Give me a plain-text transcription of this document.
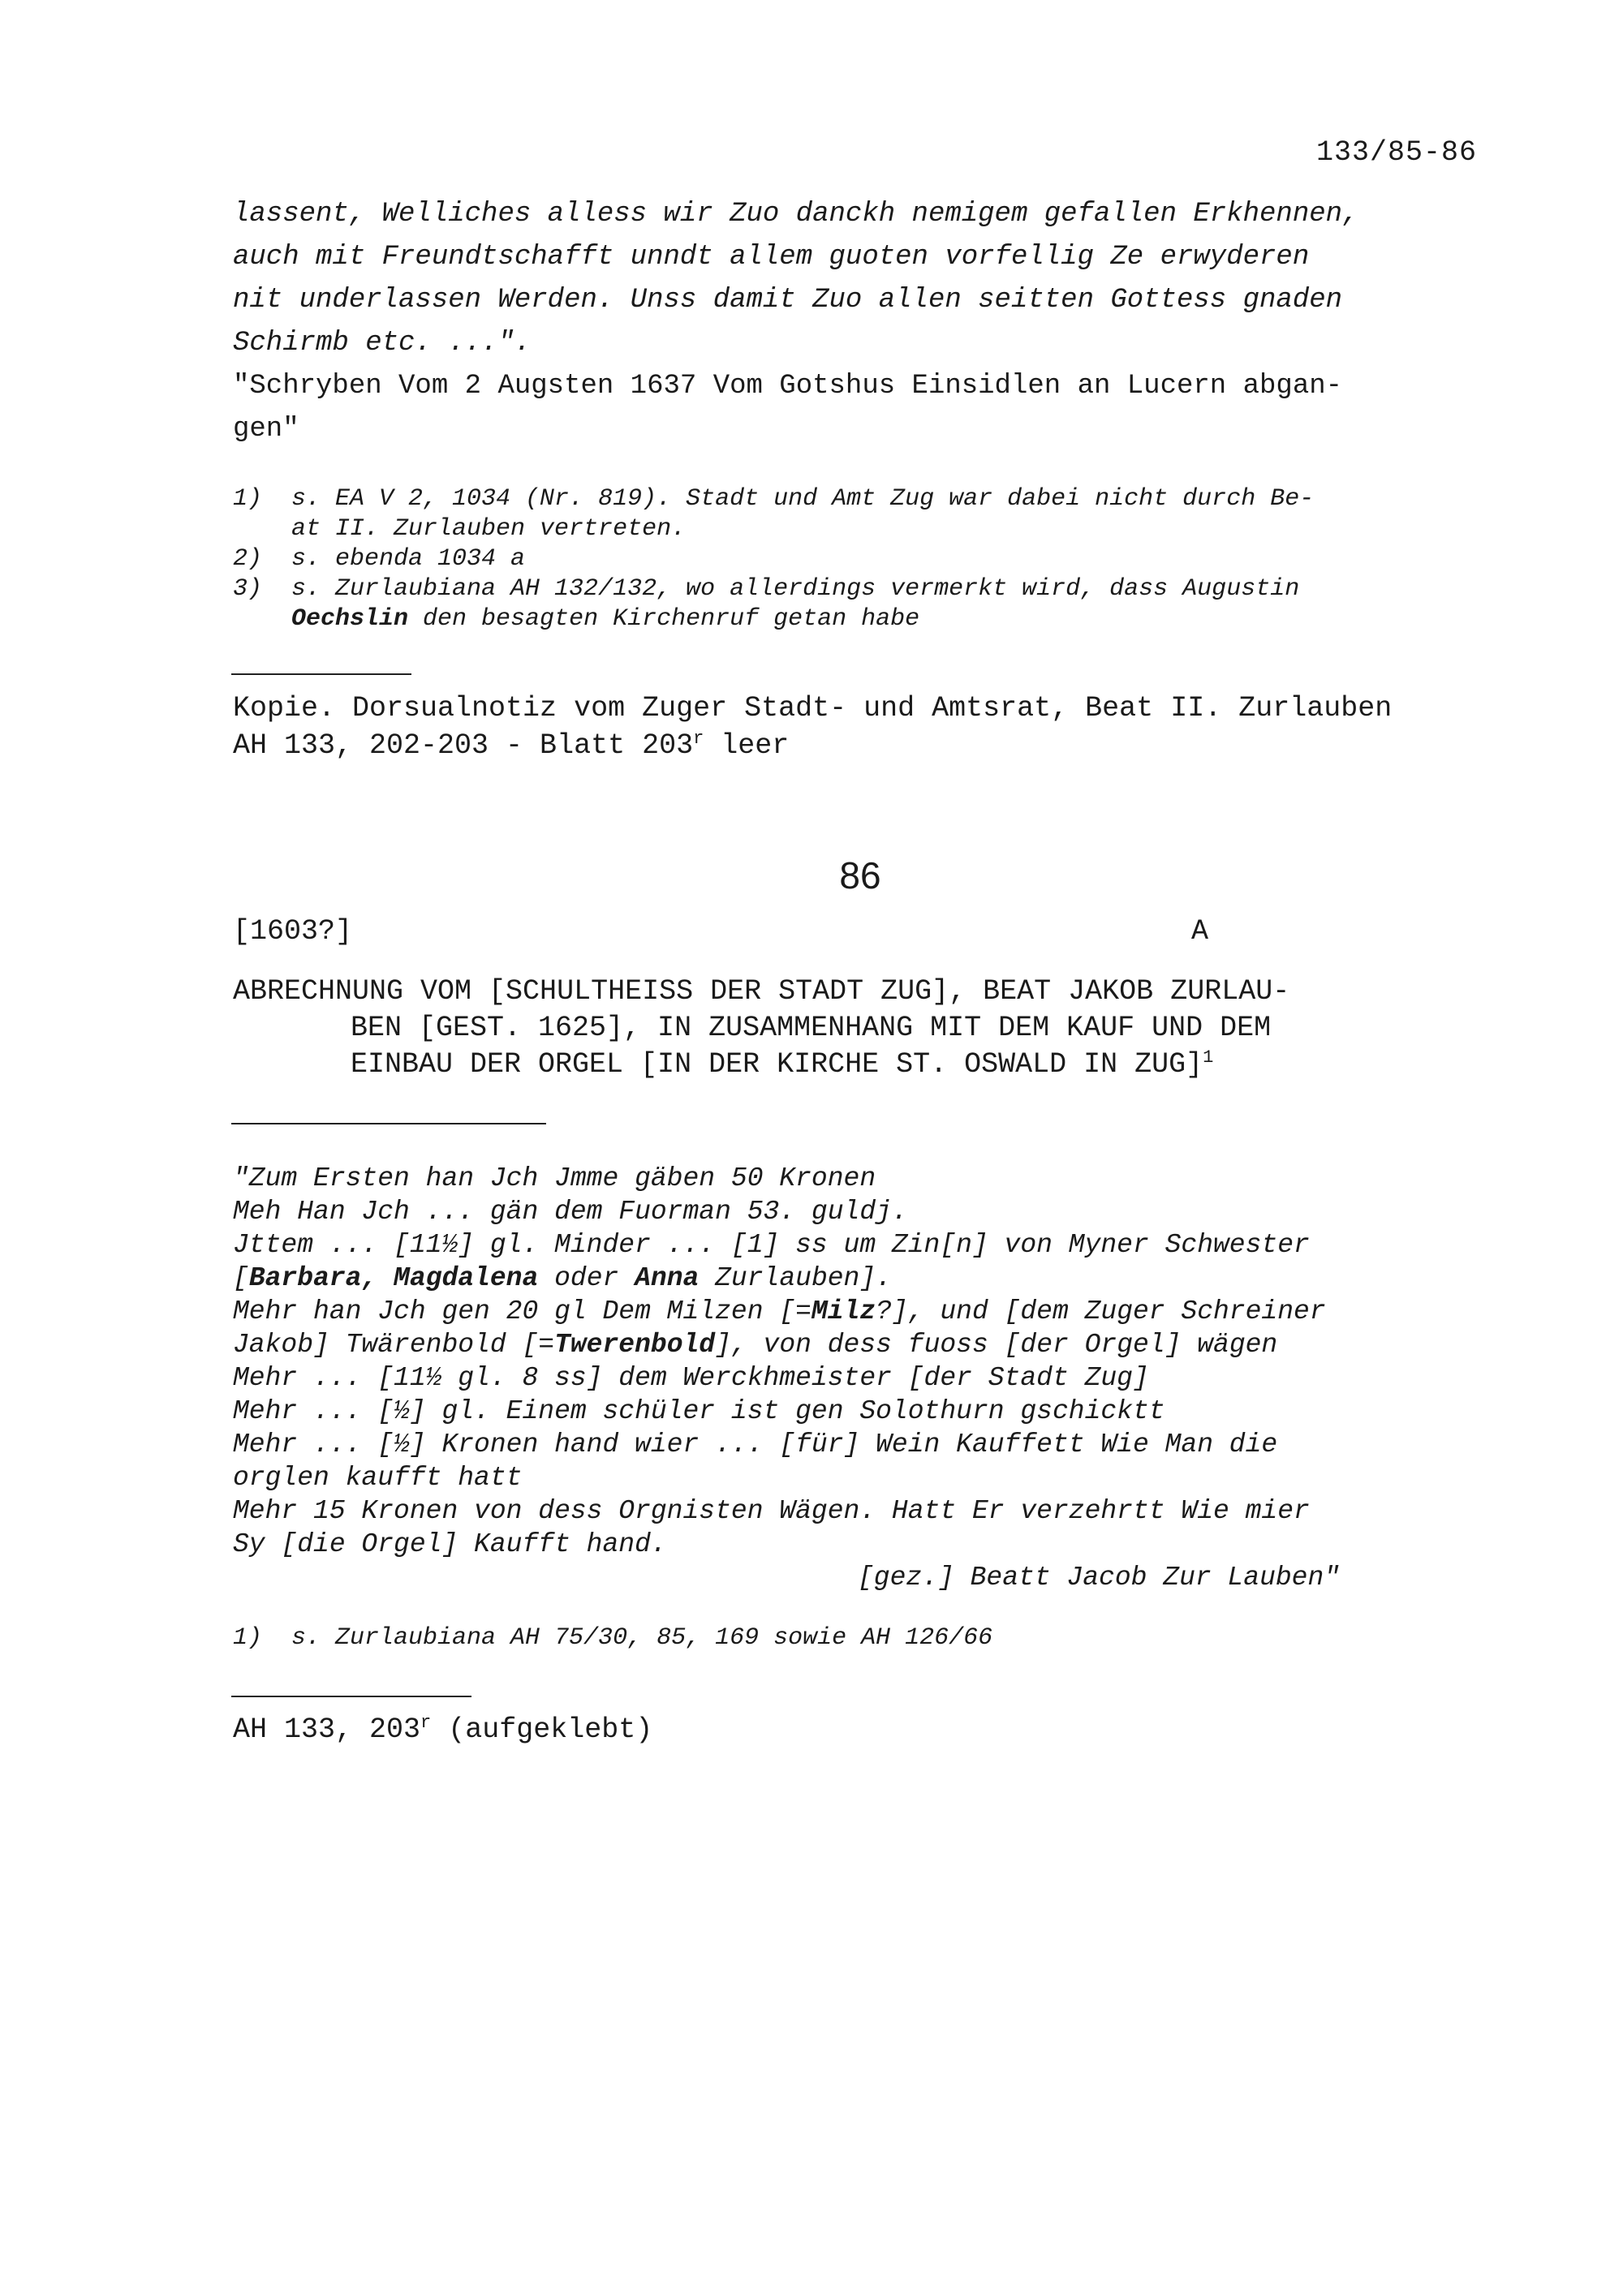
133/85-86
lassent, Welliches alless wir Zuo danckh nemigem gefallen Erkhennen,
auch mit Freundtschafft unndt allem guoten vorfellig Ze erwyderen
nit underlassen Werden. Unss damit Zuo allen seitten Gottess gnaden
Schirmb etc. ...".
"Schryben Vom 2 Augsten 1637 Vom Gotshus Einsidlen an Lucern abgan-
gen"
1)	s. EA V 2, 1034 (Nr. 819). Stadt und Amt Zug war dabei nicht durch Be-
at II. Zurlauben vertreten.
2)	s. ebenda 1034 a
3)	s. Zurlaubiana AH 132/132, wo allerdings vermerkt wird, dass Augustin
Oechslin den besagten Kirchenruf getan habe
Kopie. Dorsualnotiz vom Zuger Stadt- und Amtsrat, Beat II. Zurlauben
AH 133, 202-203 - Blatt 203$^r$ leer
86
[1603?]	A
ABRECHNUNG VOM [SCHULTHEISS DER STADT ZUG], BEAT JAKOB ZURLAU-
BEN [GEST. 1625], IN ZUSAMMENHANG MIT DEM KAUF UND DEM
EINBAU DER ORGEL [IN DER KIRCHE ST. OSWALD IN ZUG]$^1$
"Zum Ersten han Jch Jmme gäben 50 Kronen
Meh Han Jch ... gän dem Fuorman 53. guldj.
Jttem ... [11½] gl. Minder ... [1] ss um Zin[n] von Myner Schwester
[Barbara, Magdalena oder Anna Zurlauben].
Mehr han Jch gen 20 gl Dem Milzen [=Milz?], und [dem Zuger Schreiner
Jakob] Twärenbold [=Twerenbold], von dess fuoss [der Orgel] wägen
Mehr ... [11½ gl. 8 ss] dem Werckhmeister [der Stadt Zug]
Mehr ... [½] gl. Einem schüler ist gen Solothurn gschicktt
Mehr ... [½] Kronen hand wier ... [für] Wein Kauffett Wie Man die
orglen kaufft hatt
Mehr 15 Kronen von dess Orgnisten Wägen. Hatt Er verzehrtt Wie mier
Sy [die Orgel] Kaufft hand.

[gez.] Beatt Jacob Zur Lauben"
1) s. Zurlaubiana AH 75/30, 85, 169 sowie AH 126/66
AH 133, 203$^r$ (aufgeklebt)
